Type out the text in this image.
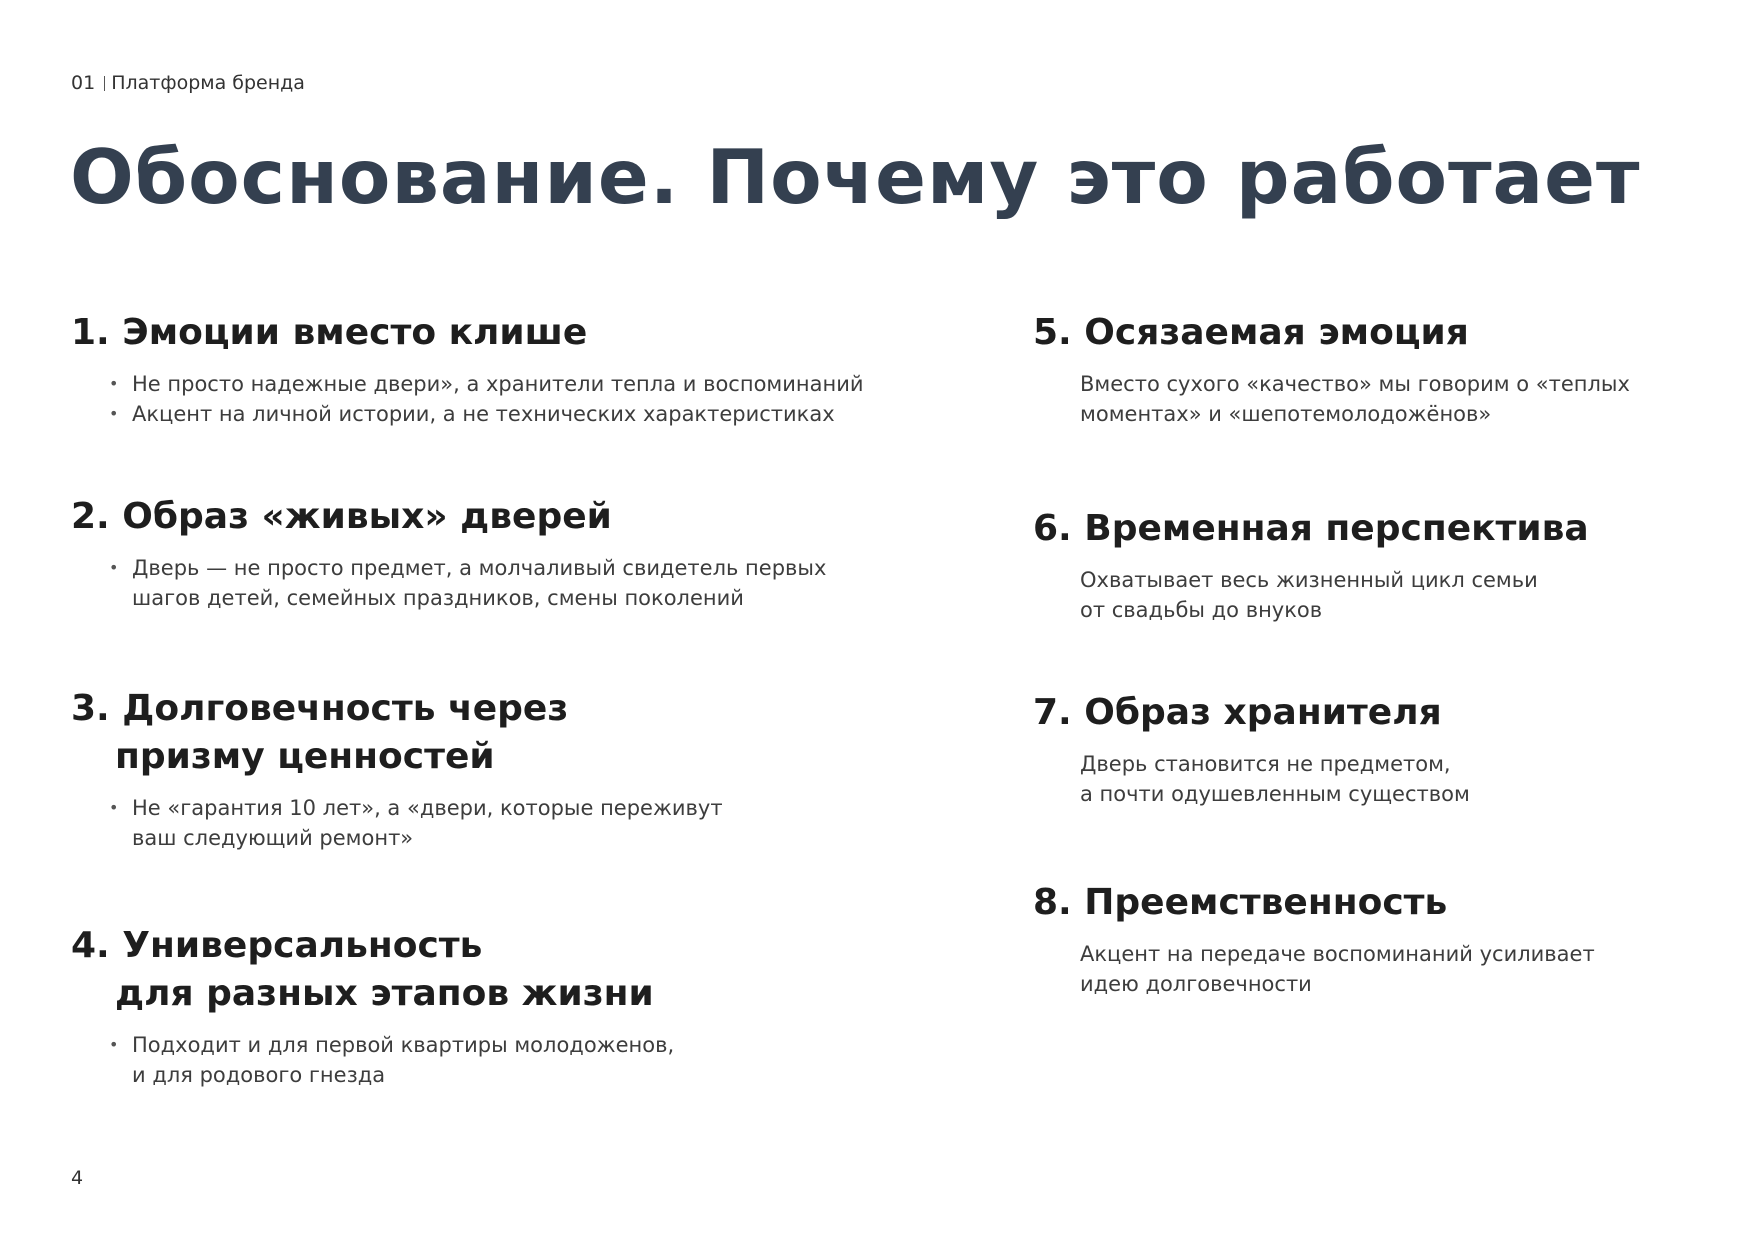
01 Платформа бренда
Обоснование. Почему это работает
1. Эмоции вместо клише
• Не просто надежные двери», а хранители тепла и воспоминаний
• Акцент на личной истории, а не технических характеристиках
2. Образ «живых» дверей
• Дверь — не просто предмет, а молчаливый свидетель первых
шагов детей, семейных праздников, смены поколений
3. Долговечность через
призму ценностей
• Не «гарантия 10 лет», а «двери, которые переживут
ваш следующий ремонт»
4. Универсальность
для разных этапов жизни
• Подходит и для первой квартиры молодоженов,
и для родового гнезда
5. Осязаемая эмоция

Вместо сухого «качество» мы говорим о «теплых
моментах» и «шепотемолодожёнов»

6. Временная перспектива

Охватывает весь жизненный цикл семьи
от свадьбы до внуков

7. Образ хранителя

Дверь становится не предметом,
а почти одушевленным существом

8. Преемственность

Акцент на передаче воспоминаний усиливает
идею долговечности

4
